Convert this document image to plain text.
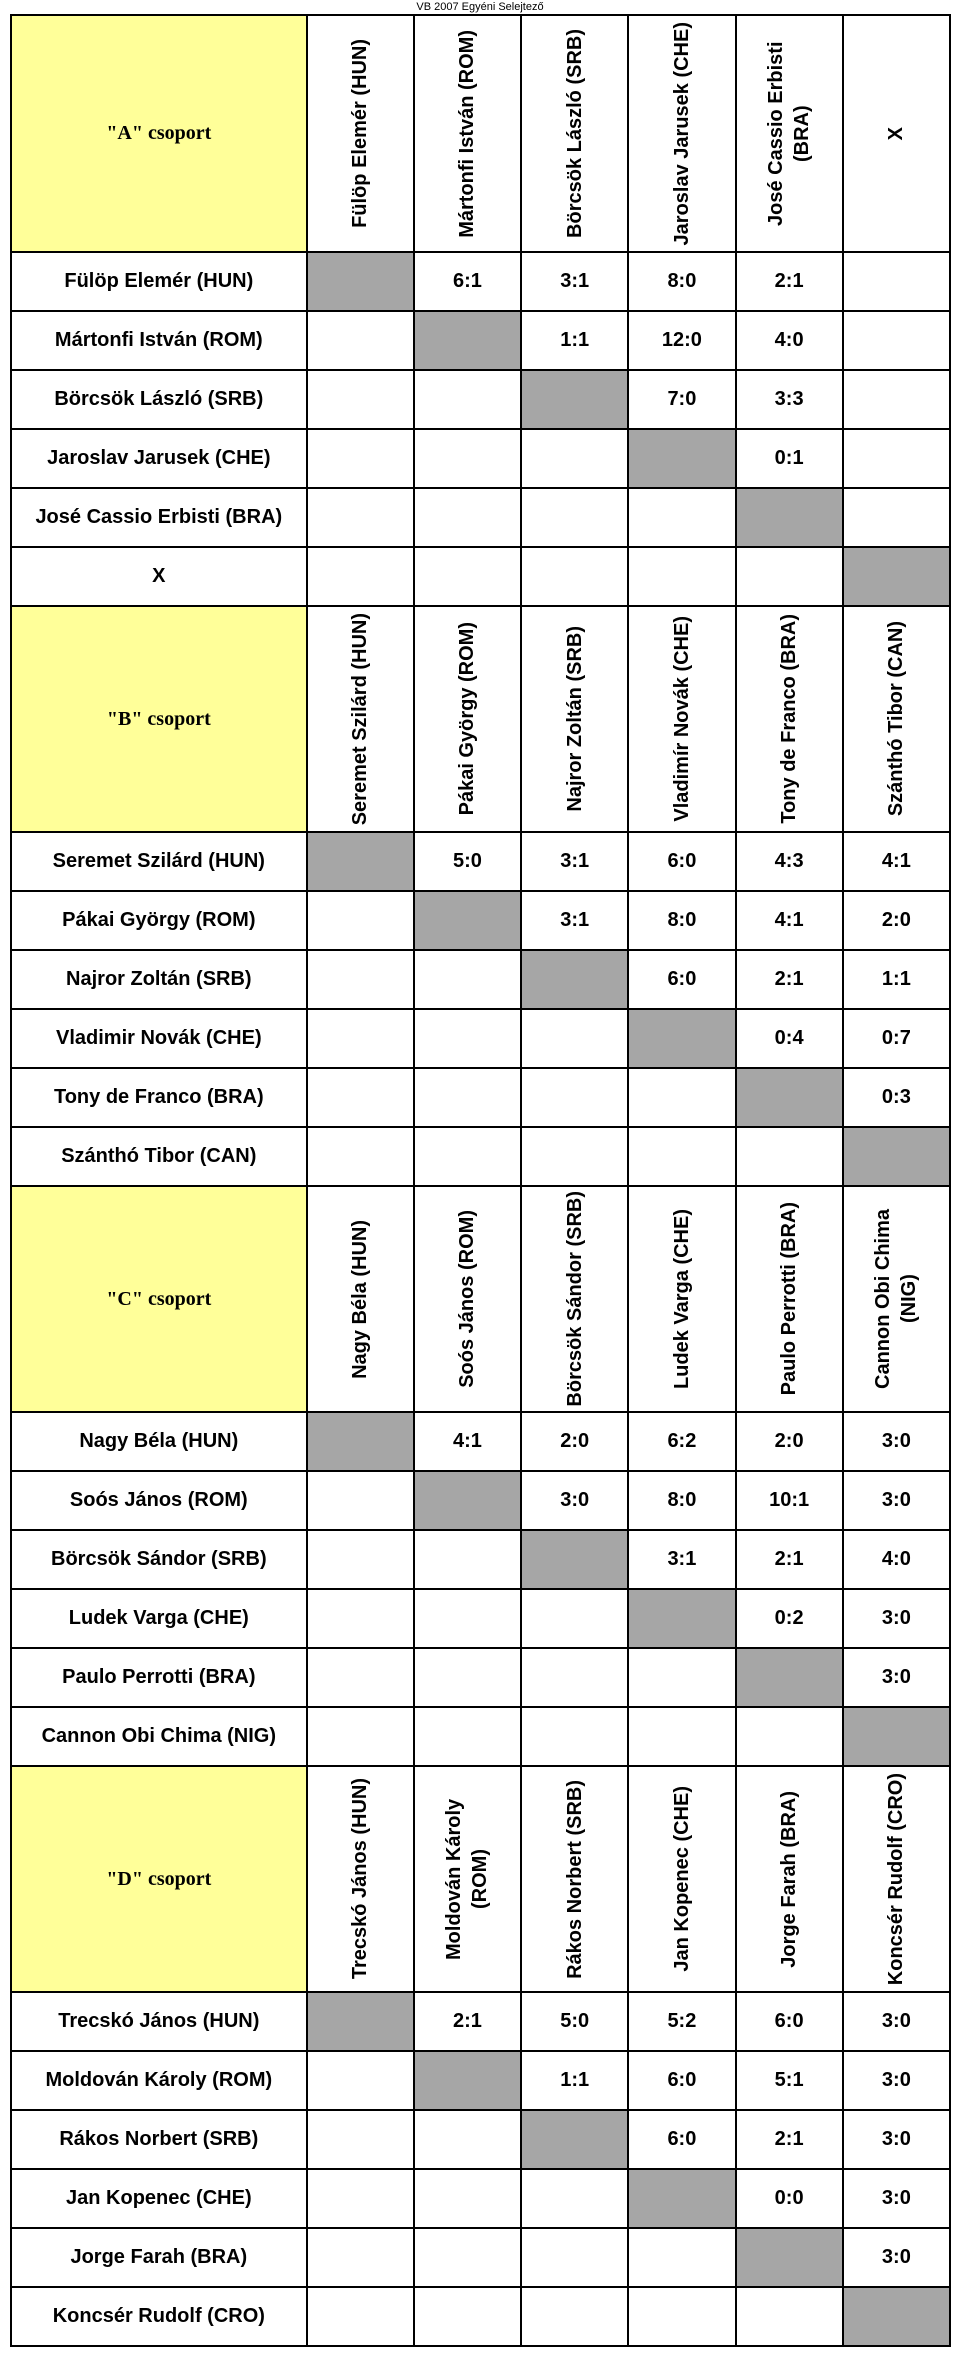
VB 2007 Egyéni Selejtező
"A" csoport	Fülöp Elemér (HUN)	Mártonfi István (ROM)	Börcsök László (SRB)	Jaroslav Jarusek (CHE)	José Cassio Erbisti (BRA)	X

Fülöp Elemér (HUN)		6:1	3:1	8:0	2:1	
Mártonfi István (ROM)			1:1	12:0	4:0	
Börcsök László (SRB)				7:0	3:3	
Jaroslav Jarusek (CHE)					0:1	
José Cassio Erbisti (BRA)						
X						
"B" csoport	Seremet Szilárd (HUN)	Pákai György (ROM)	Najror Zoltán (SRB)	Vladimír Novák (CHE)	Tony de Franco (BRA)	Szánthó Tibor (CAN)

Seremet Szilárd (HUN)		5:0	3:1	6:0	4:3	4:1
Pákai György (ROM)			3:1	8:0	4:1	2:0
Najror Zoltán (SRB)				6:0	2:1	1:1
Vladimir Novák (CHE)					0:4	0:7
Tony de Franco (BRA)						0:3
Szánthó Tibor (CAN)						
"C" csoport	Nagy Béla (HUN)	Soós János (ROM)	Börcsök Sándor (SRB)	Ludek Varga (CHE)	Paulo Perrotti (BRA)	Cannon Obi Chima (NIG)

Nagy Béla (HUN)		4:1	2:0	6:2	2:0	3:0
Soós János (ROM)			3:0	8:0	10:1	3:0
Börcsök Sándor (SRB)				3:1	2:1	4:0
Ludek Varga (CHE)					0:2	3:0
Paulo Perrotti (BRA)						3:0
Cannon Obi Chima (NIG)						
"D" csoport	Trecskó János (HUN)	Moldován Károly (ROM)	Rákos Norbert (SRB)	Jan Kopenec (CHE)	Jorge Farah (BRA)	Koncsér Rudolf (CRO)

Trecskó János (HUN)		2:1	5:0	5:2	6:0	3:0
Moldován Károly (ROM)			1:1	6:0	5:1	3:0
Rákos Norbert (SRB)				6:0	2:1	3:0
Jan Kopenec (CHE)					0:0	3:0
Jorge Farah (BRA)						3:0
Koncsér Rudolf (CRO)						
